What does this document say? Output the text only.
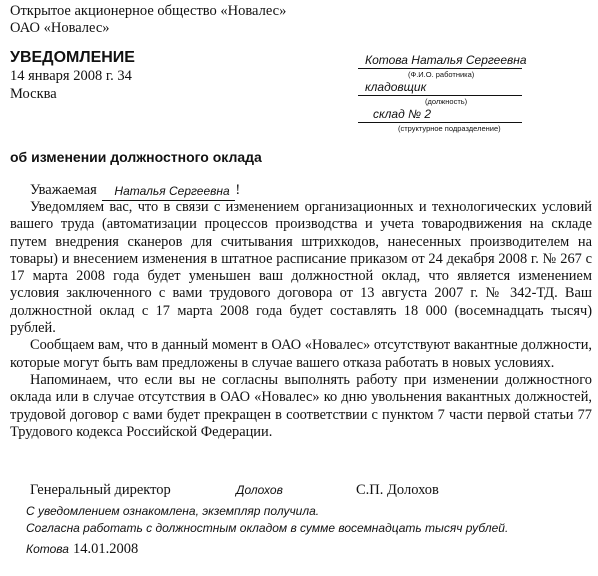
Открытое акционерное общество «Новалес»
ОАО «Новалес»
УВЕДОМЛЕНИЕ
14 января 2008 г. 34
Москва
Котова Наталья Сергеевна
(Ф.И.О. работника)
кладовщик
(должность)
склад № 2
(структурное подразделение)
об изменении должностного оклада
Уважаемая Наталья Сергеевна !

Уведомляем вас, что в связи с изменением организационных и технологических условий вашего труда (автоматизации процессов производства и учета товародвижения на складе путем внедрения сканеров для считывания штрихкодов, нанесенных производителем на товары) и внесением изменения в штатное расписание приказом от 24 декабря 2008 г. № 267 с 17 марта 2008 года будет уменьшен ваш должностной оклад, что является изменением условия заключенного с вами трудового договора от 13 августа 2007 г. № 342-ТД. Ваш должностной оклад с 17 марта 2008 года будет составлять 18 000 (восемнадцать тысяч) рублей.

Сообщаем вам, что в данный момент в ОАО «Новалес» отсутствуют вакантные должности, которые могут быть вам предложены в случае вашего отказа работать в новых условиях.

Напоминаем, что если вы не согласны выполнять работу при изменении должностного оклада или в случае отсутствия в ОАО «Новалес» ко дню увольнения вакантных должностей, трудовой договор с вами будет прекращен в соответствии с пунктом 7 части первой статьи 77 Трудового кодекса Российской Федерации.

Генеральный директор	Долохов	С.П. Долохов
С уведомлением ознакомлена, экземпляр получила.
Согласна работать с должностным окладом в сумме восемнадцать тысяч рублей.
Котова 14.01.2008
